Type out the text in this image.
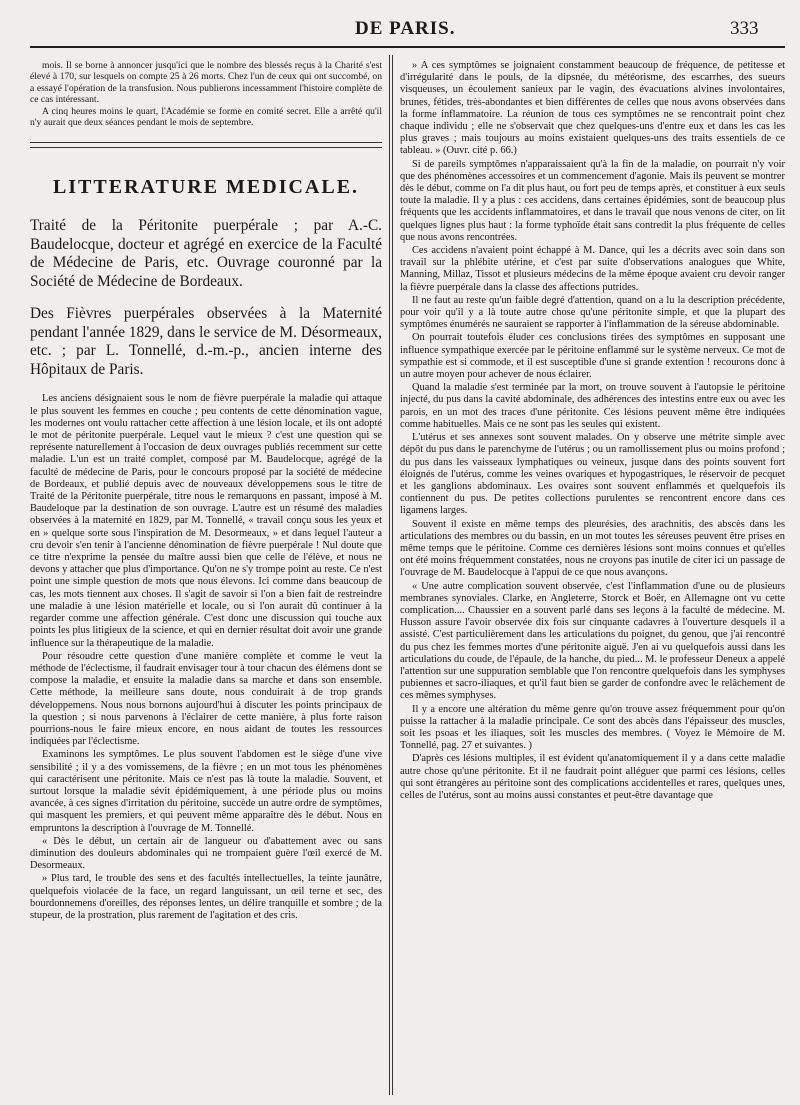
DE PARIS.	333

mois. Il se borne à annoncer jusqu'ici que le nombre des blessés reçus à la Charité s'est élevé à 170, sur lesquels on compte 25 à 26 morts. Chez l'un de ceux qui ont succombé, on a essayé l'opération de la transfusion. Nous publierons incessamment l'histoire complète de ce cas intéressant.

A cinq heures moins le quart, l'Académie se forme en comité secret. Elle a arrêté qu'il n'y aurait que deux séances pendant le mois de septembre.

LITTERATURE MEDICALE.
Traité de la Péritonite puerpérale ; par A.-C. Baudelocque, docteur et agrégé en exercice de la Faculté de Médecine de Paris, etc. Ouvrage couronné par la Société de Médecine de Bordeaux.
Des Fièvres puerpérales observées à la Maternité pendant l'année 1829, dans le service de M. Désormeaux, etc. ; par L. Tonnellé, d.-m.-p., ancien interne des Hôpitaux de Paris.

Les anciens désignaient sous le nom de fièvre puerpérale la maladie qui attaque le plus souvent les femmes en couche ; peu contents de cette dénomination vague, les modernes ont voulu rattacher cette affection à une lésion locale, et ils ont adopté le mot de péritonite puerpérale. Lequel vaut le mieux ? c'est une question qui se représente naturellement à l'occasion de deux ouvrages publiés recemment sur cette maladie. L'un est un traité complet, composé par M. Baudelocque, agrégé de la faculté de médecine de Paris, pour le concours proposé par la société de médecine de Bordeaux, et publié depuis avec de nouveaux développemens sous le titre de Traité de la Péritonite puerpérale, titre nous le remarquons en passant, imposé à M. Baudeloque par la destination de son ouvrage. L'autre est un résumé des maladies observées à la maternité en 1829, par M. Tonnellé, « travail conçu sous les yeux et en » quelque sorte sous l'inspiration de M. Desormeaux, » et dans lequel l'auteur a cru devoir s'en tenir à l'ancienne dénomination de fièvre puerpérale ! Nul doute que ce titre n'exprime la pensée du maître aussi bien que celle de l'élève, et nous ne devons y attacher que plus d'importance. Qu'on ne s'y trompe point au reste. Ce n'est point une simple question de mots que nous élevons. Ici comme dans beaucoup de cas, les mots tiennent aux choses. Il s'agit de savoir si l'on a bien fait de restreindre une maladie à une lésion matérielle et locale, ou si l'on aurait dû continuer à la regarder comme une affection générale. C'est donc une discussion qui touche aux points les plus litigieux de la science, et qui en dernier résultat doit avoir une grande influence sur la thérapeutique de la maladie.

Pour résoudre cette question d'une manière complète et comme le veut la méthode de l'éclectisme, il faudrait envisager tour à tour chacun des élémens dont se compose la maladie, et ensuite la maladie dans sa marche et dans son ensemble. Cette méthode, la meilleure sans doute, nous conduirait à de trop grands développemens. Nous nous bornons aujourd'hui à discuter les points principaux de la question ; si nous parvenons à l'éclairer de cette manière, à plus forte raison pourrions-nous le faire mieux encore, en nous aidant de toutes les ressources indiquées par l'éclectisme.

Examinons les symptômes. Le plus souvent l'abdomen est le siège d'une vive sensibilité ; il y a des vomissemens, de la fièvre ; en un mot tous les phénomènes qui caractérisent une péritonite. Mais ce n'est pas là toute la maladie. Souvent, et surtout lorsque la maladie sévit épidémiquement, à une période plus ou moins avancée, à ces signes d'irritation du péritoine, succède un autre ordre de symptômes, qui masquent les premiers, et qui peuvent même apparaître dès le début. Nous en empruntons la description à l'ouvrage de M. Tonnellé.

« Dès le début, un certain air de langueur ou d'abattement avec ou sans diminution des douleurs abdominales qui ne trompaient guère l'œil exercé de M. Desormeaux.

» Plus tard, le trouble des sens et des facultés intellectuelles, la teinte jaunâtre, quelquefois violacée de la face, un regard languissant, un œil terne et sec, des bourdonnemens d'oreilles, des réponses lentes, un délire tranquille et sombre ; de la stupeur, de la prostration, plus rarement de l'agitation et des cris.

» A ces symptômes se joignaient constamment beaucoup de fréquence, de petitesse et d'irrégularité dans le pouls, de la dipsnée, du météorisme, des escarrhes, des sueurs visqueuses, un écoulement sanieux par le vagin, des évacuations alvines involontaires, brunes, fétides, très-abondantes et bien différentes de celles que nous avons observées dans la forme inflammatoire. La réunion de tous ces symptômes ne se rencontrait point chez chaque individu ; elle ne s'observait que chez quelques-uns d'entre eux et dans les cas les plus graves ; mais toujours au moins existaient quelques-uns des traits essentiels de ce tableau. » (Ouvr. cité p. 66.)

Si de pareils symptômes n'apparaissaient qu'à la fin de la maladie, on pourrait n'y voir que des phénomènes accessoires et un commencement d'agonie. Mais ils peuvent se montrer dès le début, comme on l'a dit plus haut, ou fort peu de temps après, et constituer à eux seuls toute la maladie. Il y a plus : ces accidens, dans certaines épidémies, sont de beaucoup plus fréquents que les accidents inflammatoires, et dans le travail que nous venons de citer, on lit quelques lignes plus haut : la forme typhoïde était sans contredit la plus fréquente de celles que nous avons rencontrées.

Ces accidens n'avaient point échappé à M. Dance, qui les a décrits avec soin dans son travail sur la phlébite utérine, et c'est par suite d'observations analogues que White, Manning, Millaz, Tissot et plusieurs médecins de la même époque avaient cru devoir ranger la fièvre puerpérale dans la classe des affections putrides.

Il ne faut au reste qu'un faible degré d'attention, quand on a lu la description précédente, pour voir qu'il y a là toute autre chose qu'une péritonite simple, et que la plupart des symptômes énumérés ne sauraient se rapporter à l'inflammation de la séreuse abdominable.

On pourrait toutefois éluder ces conclusions tirées des symptômes en supposant une influence sympathique exercée par le péritoine enflammé sur le système nerveux. Ce mot de sympathie est si commode, et il est susceptible d'une si grande extention ! recourons donc à un autre moyen pour achever de nous éclairer.

Quand la maladie s'est terminée par la mort, on trouve souvent à l'autopsie le péritoine injecté, du pus dans la cavité abdominale, des adhérences des intestins entre eux ou avec les parois, en un mot des traces d'une péritonite. Ces lésions peuvent même être indiquées comme habituelles. Mais ce ne sont pas les seules qui existent.

L'utérus et ses annexes sont souvent malades. On y observe une métrite simple avec dépôt du pus dans le parenchyme de l'utérus ; ou un ramollissement plus ou moins profond ; du pus dans les vaisseaux lymphatiques ou veineux, jusque dans des points souvent fort éloignés de l'utérus, comme les veines ovariques et hypogastriques, le réservoir de pecquet et les ganglions abdominaux. Les ovaires sont souvent enflammés et quelquefois ils contiennent du pus. De petites collections purulentes se rencontrent encore dans ces ligamens larges.

Souvent il existe en même temps des pleurésies, des arachnitis, des abscès dans les articulations des membres ou du bassin, en un mot toutes les séreuses peuvent être prises en même temps que le péritoine. Comme ces dernières lésions sont moins connues et qu'elles ont été moins fréquemment constatées, nous ne croyons pas inutile de citer ici un passage de l'ouvrage de M. Baudelocque à l'appui de ce que nous avançons.

« Une autre complication souvent observée, c'est l'inflammation d'une ou de plusieurs membranes synoviales. Clarke, en Angleterre, Storck et Boër, en Allemagne ont vu cette complication.... Chaussier en a souvent parlé dans ses leçons à la faculté de médecine. M. Husson assure l'avoir observée dix fois sur cinquante cadavres à l'ouverture desquels il a assisté. C'est particulièrement dans les articulations du poignet, du genou, que j'ai rencontré du pus chez les femmes mortes d'une péritonite aiguë. J'en ai vu quelquefois aussi dans les articulations du coude, de l'épaule, de la hanche, du pied... M. le professeur Deneux a appelé l'attention sur une suppuration semblable que l'on rencontre quelquefois dans les symphyses pubiennes et sacro-iliaques, et qu'il faut bien se garder de confondre avec le relâchement de ces mêmes symphyses.

Il y a encore une altération du même genre qu'on trouve assez fréquemment pour qu'on puisse la rattacher à la maladie principale. Ce sont des abcès dans l'épaisseur des muscles, soit les psoas et les iliaques, soit les muscles des membres. ( Voyez le Mémoire de M. Tonnellé, pag. 27 et suivantes. )

D'après ces lésions multiples, il est évident qu'anatomiquement il y a dans cette maladie autre chose qu'une péritonite. Et il ne faudrait point alléguer que parmi ces lésions, celles qui sont étrangères au péritoine sont des complications accidentelles et rares, quelques unes, celles de l'utérus, sont au moins aussi constantes et peut-être davantage que
